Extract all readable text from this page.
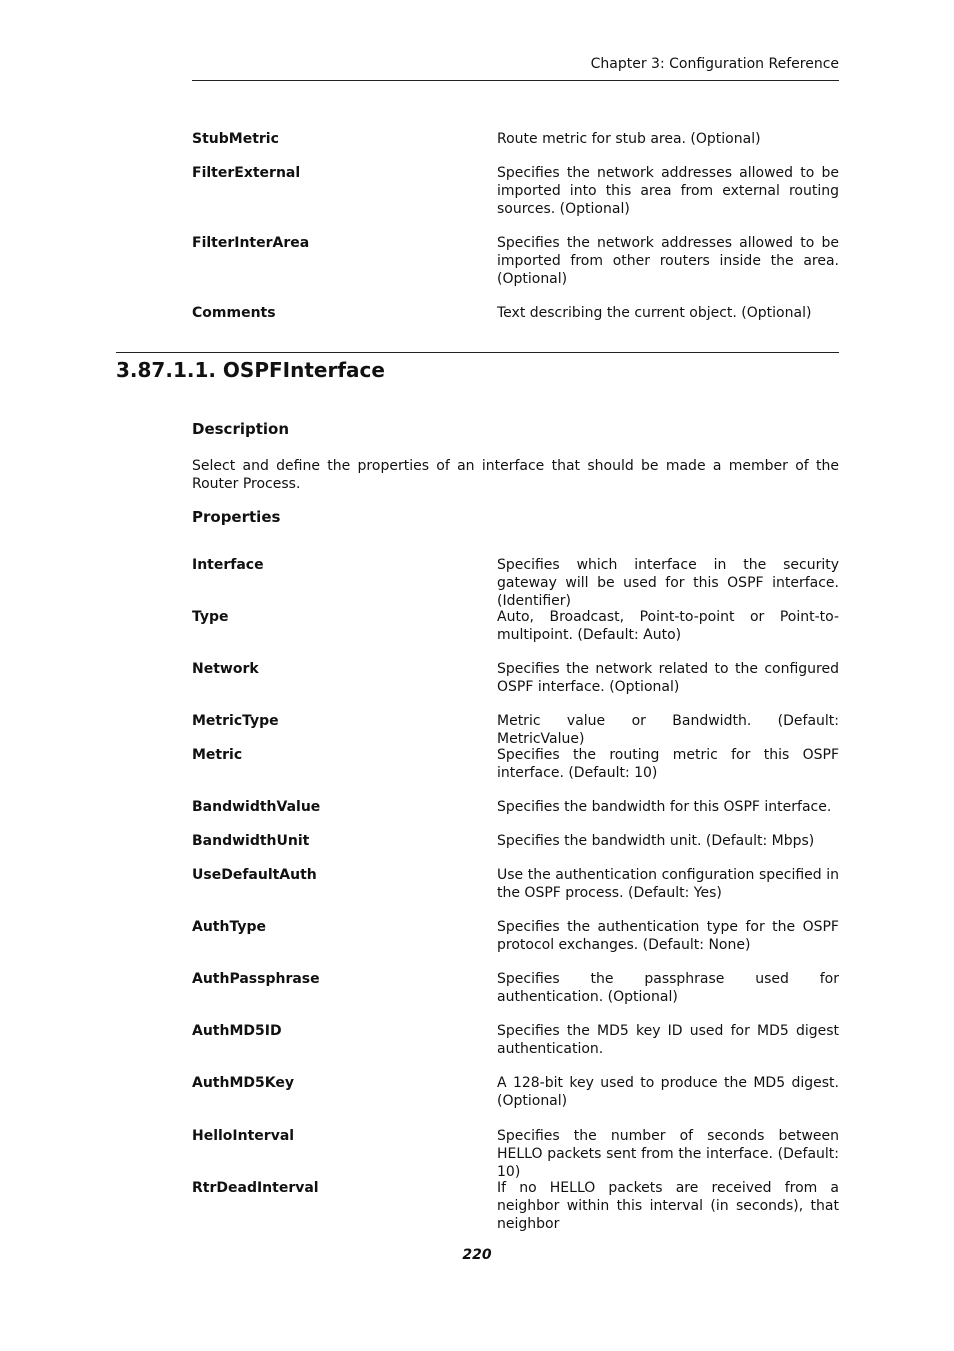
Chapter 3: Configuration Reference
StubMetric	Route metric for stub area. (Optional)
FilterExternal	Specifies the network addresses allowed to be imported into this area from external routing sources. (Optional)
FilterInterArea	Specifies the network addresses allowed to be imported from other routers inside the area. (Optional)
Comments	Text describing the current object. (Optional)
3.87.1.1. OSPFInterface
Description
Select and define the properties of an interface that should be made a member of the Router Process.
Properties
Interface	Specifies which interface in the security gateway will be used for this OSPF interface. (Identifier)
Type	Auto, Broadcast, Point-to-point or Point-to-multipoint. (Default: Auto)
Network	Specifies the network related to the configured OSPF interface. (Optional)
MetricType	Metric value or Bandwidth. (Default: MetricValue)
Metric	Specifies the routing metric for this OSPF interface. (Default: 10)
BandwidthValue	Specifies the bandwidth for this OSPF interface.
BandwidthUnit	Specifies the bandwidth unit. (Default: Mbps)
UseDefaultAuth	Use the authentication configuration specified in the OSPF process. (Default: Yes)
AuthType	Specifies the authentication type for the OSPF protocol exchanges. (Default: None)
AuthPassphrase	Specifies the passphrase used for authentication. (Optional)
AuthMD5ID	Specifies the MD5 key ID used for MD5 digest authentication.
AuthMD5Key	A 128-bit key used to produce the MD5 digest. (Optional)
HelloInterval	Specifies the number of seconds between HELLO packets sent from the interface. (Default: 10)
RtrDeadInterval	If no HELLO packets are received from a neighbor within this interval (in seconds), that neighbor
220
